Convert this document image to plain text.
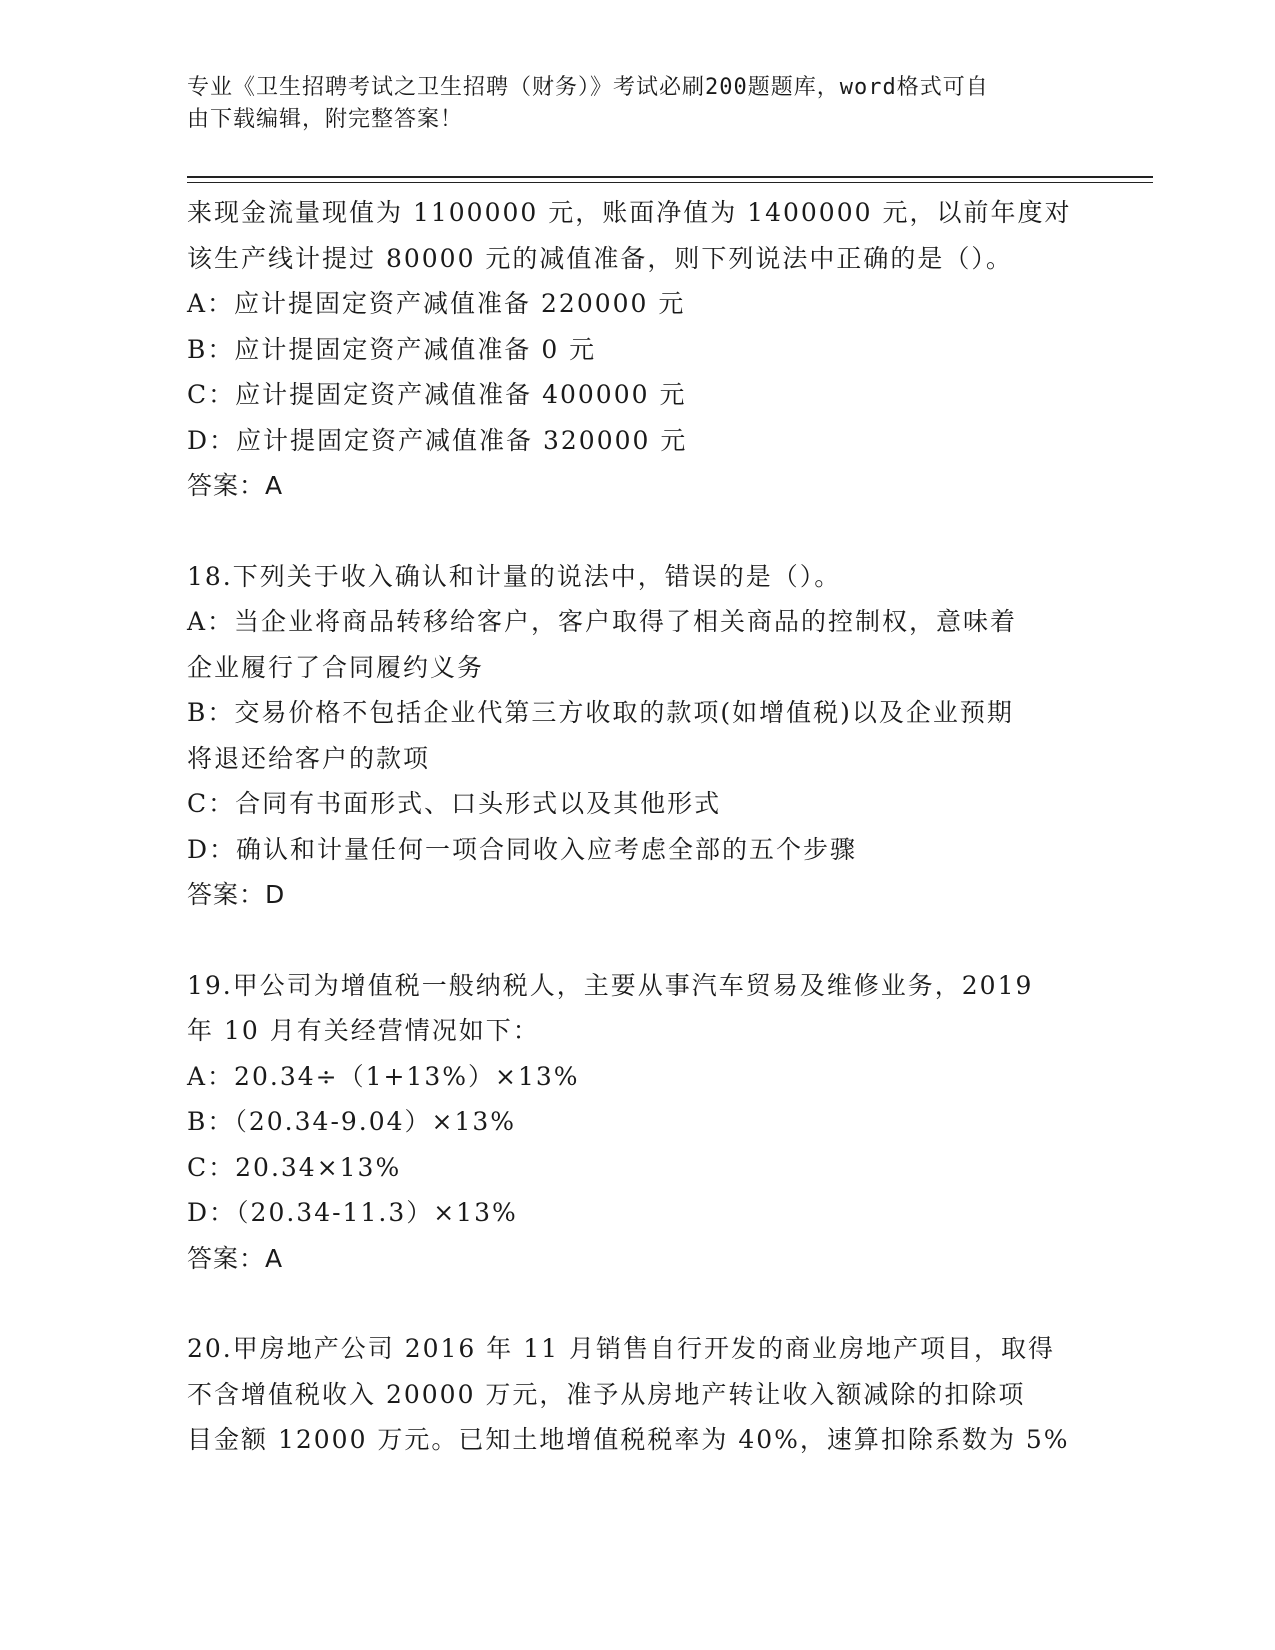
专业《卫生招聘考试之卫生招聘（财务）》考试必刷200题题库，word格式可自
由下载编辑，附完整答案！
来现金流量现值为 1100000 元，账面净值为 1400000 元，以前年度对
该生产线计提过 80000 元的减值准备，则下列说法中正确的是（）。
A：应计提固定资产减值准备 220000 元
B：应计提固定资产减值准备 0 元
C：应计提固定资产减值准备 400000 元
D：应计提固定资产减值准备 320000 元
答案：A
18.下列关于收入确认和计量的说法中，错误的是（）。
A：当企业将商品转移给客户，客户取得了相关商品的控制权，意味着
企业履行了合同履约义务
B：交易价格不包括企业代第三方收取的款项(如增值税)以及企业预期
将退还给客户的款项
C：合同有书面形式、口头形式以及其他形式
D：确认和计量任何一项合同收入应考虑全部的五个步骤
答案：D
19.甲公司为增值税一般纳税人，主要从事汽车贸易及维修业务，2019
年 10 月有关经营情况如下：
A：20.34÷（1+13%）×13%
B：（20.34-9.04）×13%
C：20.34×13%
D：（20.34-11.3）×13%
答案：A
20.甲房地产公司 2016 年 11 月销售自行开发的商业房地产项目，取得
不含增值税收入 20000 万元，准予从房地产转让收入额减除的扣除项
目金额 12000 万元。已知土地增值税税率为 40%，速算扣除系数为 5%
